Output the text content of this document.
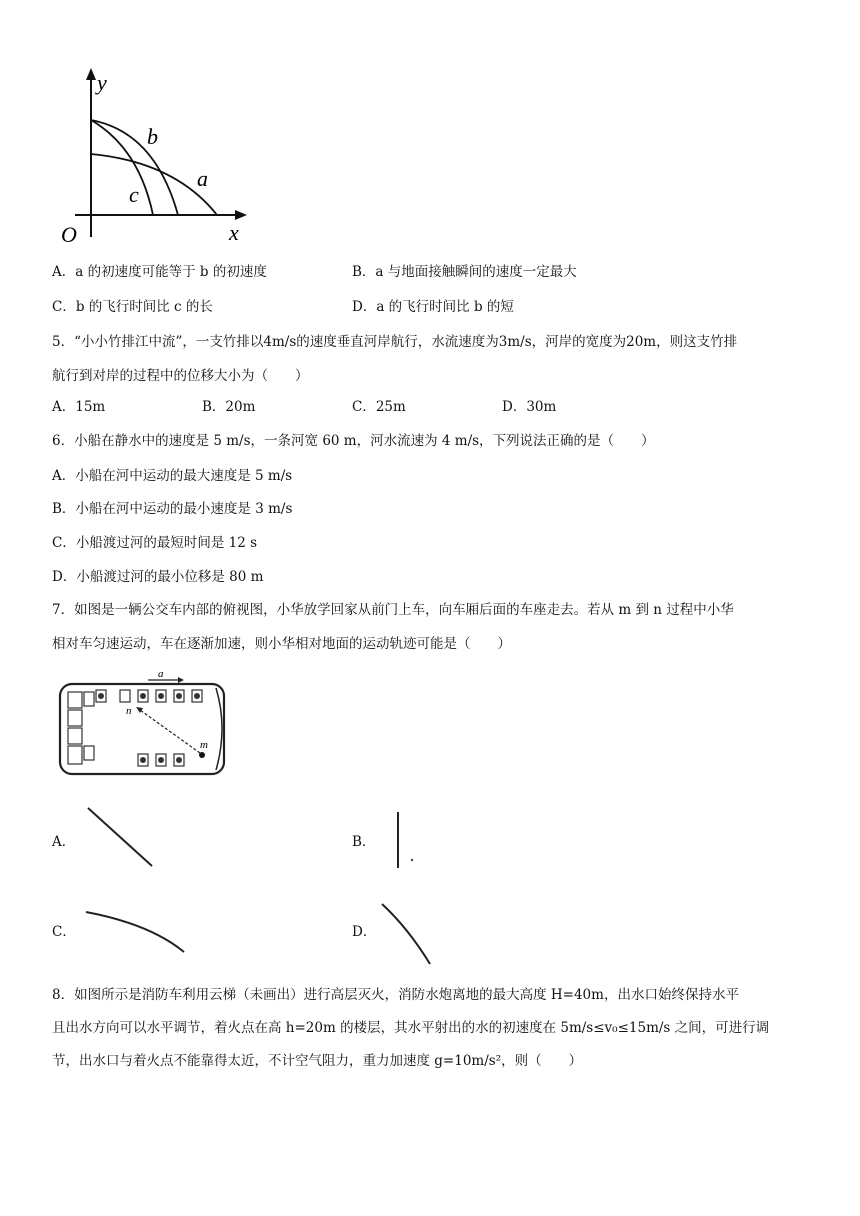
y
x
O
a
b
c
A．a 的初速度可能等于 b 的初速度	B．a 与地面接触瞬间的速度一定最大
C．b 的飞行时间比 c 的长	D．a 的飞行时间比 b 的短
5．“小小竹排江中流”，一支竹排以4m/s的速度垂直河岸航行，水流速度为3m/s，河岸的宽度为20m，则这支竹排
航行到对岸的过程中的位移大小为（　　）
A．15m	B．20m	C．25m	D．30m
6．小船在静水中的速度是 5 m/s，一条河宽 60 m，河水流速为 4 m/s，下列说法正确的是（　　）
A．小船在河中运动的最大速度是 5 m/s
B．小船在河中运动的最小速度是 3 m/s
C．小船渡过河的最短时间是 12 s
D．小船渡过河的最小位移是 80 m
7．如图是一辆公交车内部的俯视图，小华放学回家从前门上车，向车厢后面的车座走去。若从 m 到 n 过程中小华
相对车匀速运动，车在逐渐加速，则小华相对地面的运动轨迹可能是（　　）
a
n
m
A．	B．
C．	D．
8．如图所示是消防车利用云梯（未画出）进行高层灭火，消防水炮离地的最大高度 H=40m，出水口始终保持水平
且出水方向可以水平调节，着火点在高 h=20m 的楼层，其水平射出的水的初速度在 5m/s≤v₀≤15m/s 之间，可进行调
节，出水口与着火点不能靠得太近，不计空气阻力，重力加速度 g=10m/s²，则（　　）
